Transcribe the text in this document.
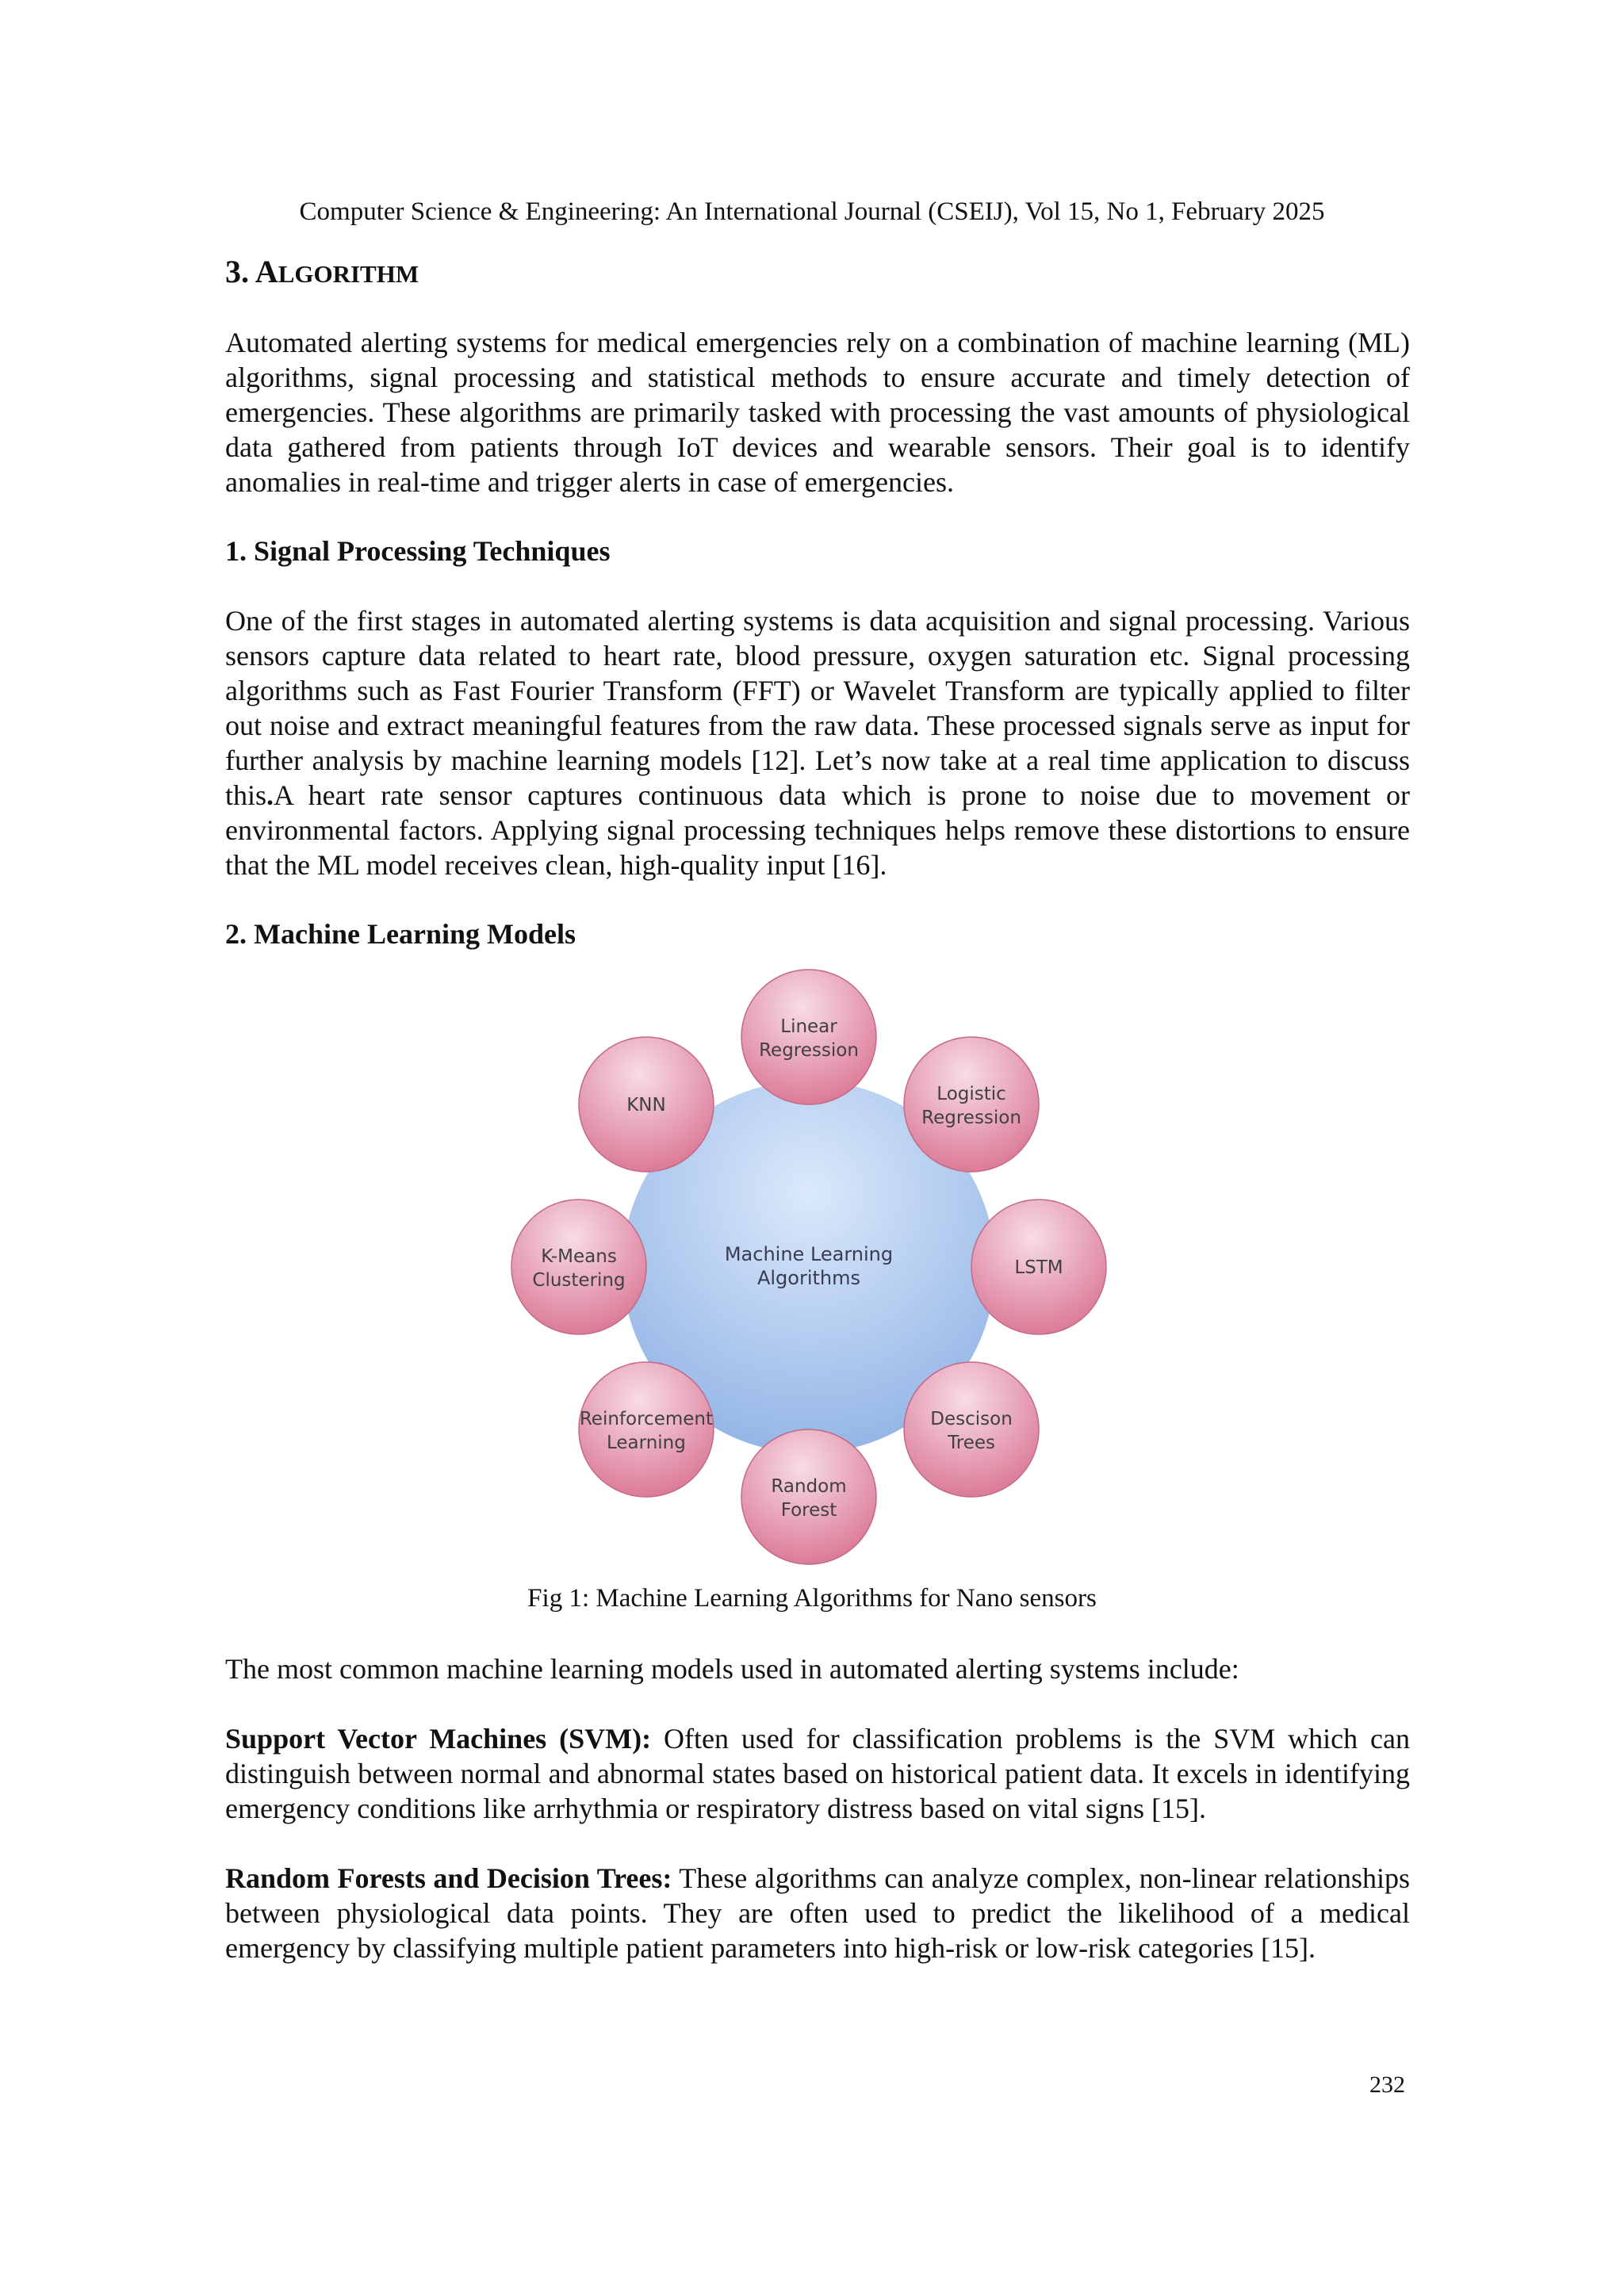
Computer Science & Engineering: An International Journal (CSEIJ), Vol 15, No 1, February 2025
3. ALGORITHM

Automated alerting systems for medical emergencies rely on a combination of machine learning (ML) algorithms, signal processing and statistical methods to ensure accurate and timely detection of emergencies. These algorithms are primarily tasked with processing the vast amounts of physiological data gathered from patients through IoT devices and wearable sensors. Their goal is to identify anomalies in real-time and trigger alerts in case of emergencies.

1. Signal Processing Techniques

One of the first stages in automated alerting systems is data acquisition and signal processing. Various sensors capture data related to heart rate, blood pressure, oxygen saturation etc. Signal processing algorithms such as Fast Fourier Transform (FFT) or Wavelet Transform are typically applied to filter out noise and extract meaningful features from the raw data. These processed signals serve as input for further analysis by machine learning models [12]. Let’s now take at a real time application to discuss this.A heart rate sensor captures continuous data which is prone to noise due to movement or environmental factors. Applying signal processing techniques helps remove these distortions to ensure that the ML model receives clean, high-quality input [16].

2. Machine Learning Models
Machine Learning
Algorithms
Linear
Regression
Logistic
Regression
LSTM
Descison
Trees
Random
Forest
Reinforcement
Learning
K-Means
Clustering
KNN
Fig 1: Machine Learning Algorithms for Nano sensors

The most common machine learning models used in automated alerting systems include:

Support Vector Machines (SVM): Often used for classification problems is the SVM which can distinguish between normal and abnormal states based on historical patient data. It excels in identifying emergency conditions like arrhythmia or respiratory distress based on vital signs [15].

Random Forests and Decision Trees: These algorithms can analyze complex, non-linear relationships between physiological data points. They are often used to predict the likelihood of a medical emergency by classifying multiple patient parameters into high-risk or low-risk categories [15].

232
